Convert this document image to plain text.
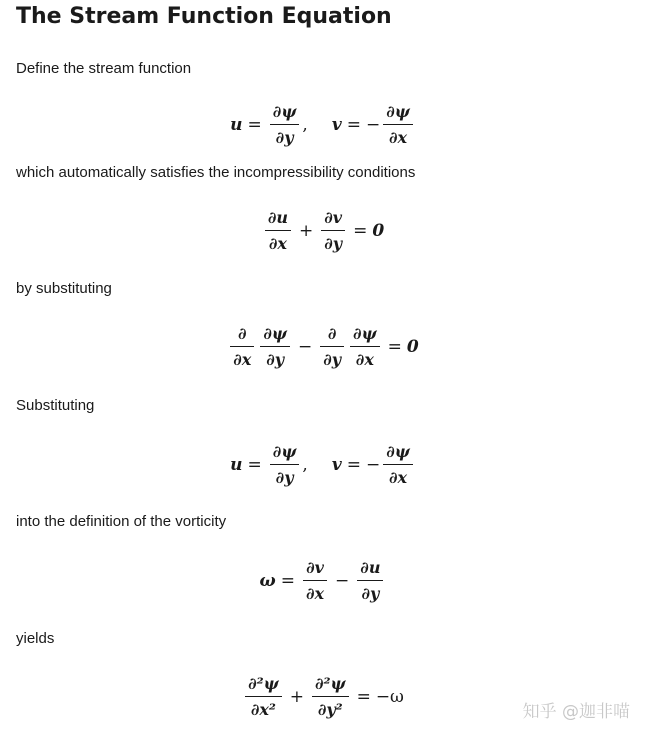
The Stream Function Equation
Define the stream function
$u = \frac{\partial\psi}{\partial y}$ , v = − $\frac{\partial\psi}{\partial x}$
which automatically satisfies the incompressibility conditions
$\frac{\partial u}{\partial x} + \frac{\partial v}{\partial y} = 0$
by substituting
$\frac{\partial}{\partial x} \frac{\partial\psi}{\partial y} - \frac{\partial}{\partial y} \frac{\partial\psi}{\partial x} = 0$
Substituting
$u = \frac{\partial\psi}{\partial y}$ , v = − $\frac{\partial\psi}{\partial x}$
into the definition of the vorticity
$\omega = \frac{\partial v}{\partial x} - \frac{\partial u}{\partial y}$
yields
$\frac{\text{∂²ψ}}{\text{∂x²}} + \frac{\text{∂²ψ}}{\text{∂y²}} = -\omega$
知乎 @迦非喵
